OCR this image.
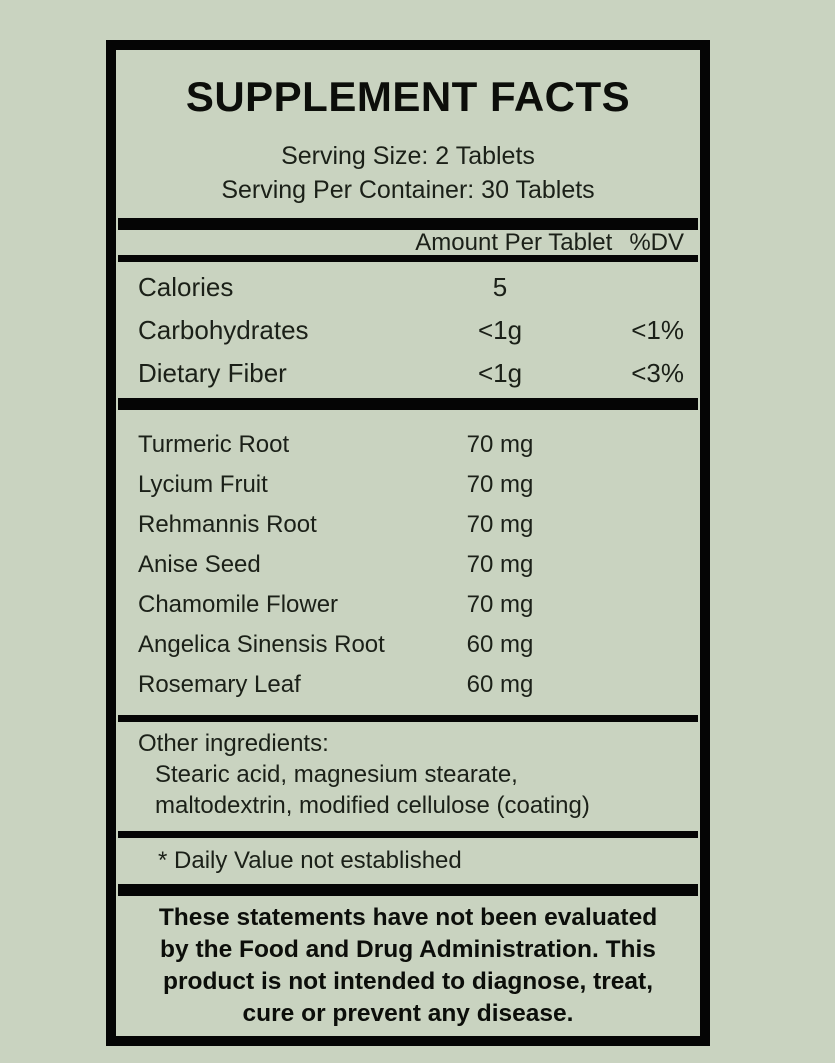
SUPPLEMENT FACTS
Serving Size: 2 Tablets
Serving Per Container: 30 Tablets
Amount Per Tablet %DV
Calories	5
Carbohydrates	<1g	<1%
Dietary Fiber	<1g	<3%
Turmeric Root	70 mg
Lycium Fruit	70 mg
Rehmannis Root	70 mg
Anise Seed	70 mg
Chamomile Flower	70 mg
Angelica Sinensis Root	60 mg
Rosemary Leaf	60 mg
Other ingredients:
Stearic acid, magnesium stearate,
maltodextrin, modified cellulose (coating)
* Daily Value not established
These statements have not been evaluated
by the Food and Drug Administration. This
product is not intended to diagnose, treat,
cure or prevent any disease.
